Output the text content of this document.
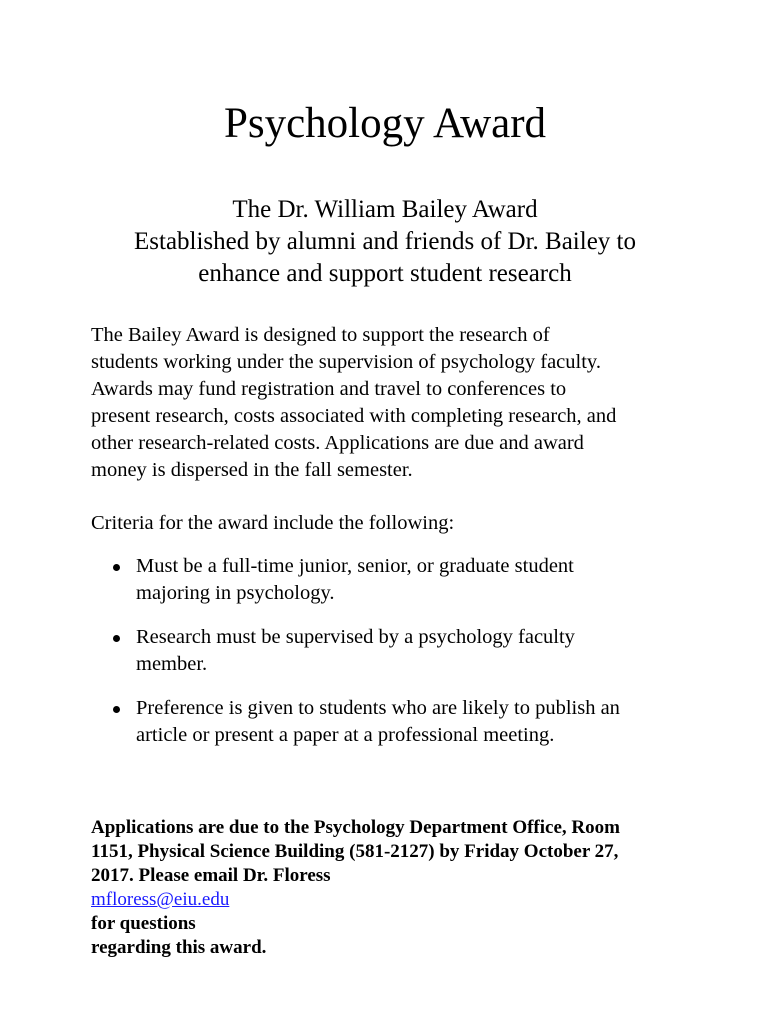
Psychology Award
The Dr. William Bailey Award
Established by alumni and friends of Dr. Bailey to
enhance and support student research

The Bailey Award is designed to support the research of
students working under the supervision of psychology faculty.
Awards may fund registration and travel to conferences to
present research, costs associated with completing research, and
other research-related costs. Applications are due and award
money is dispersed in the fall semester.

Criteria for the award include the following:

Must be a full-time junior, senior, or graduate student
majoring in psychology.
Research must be supervised by a psychology faculty
member.
Preference is given to students who are likely to publish an
article or present a paper at a professional meeting.

Applications are due to the Psychology Department Office, Room
1151, Physical Science Building (581-2127) by Friday October 27,
2017. Please email Dr. Floress
mfloress@eiu.edu
for questions
regarding this award.
